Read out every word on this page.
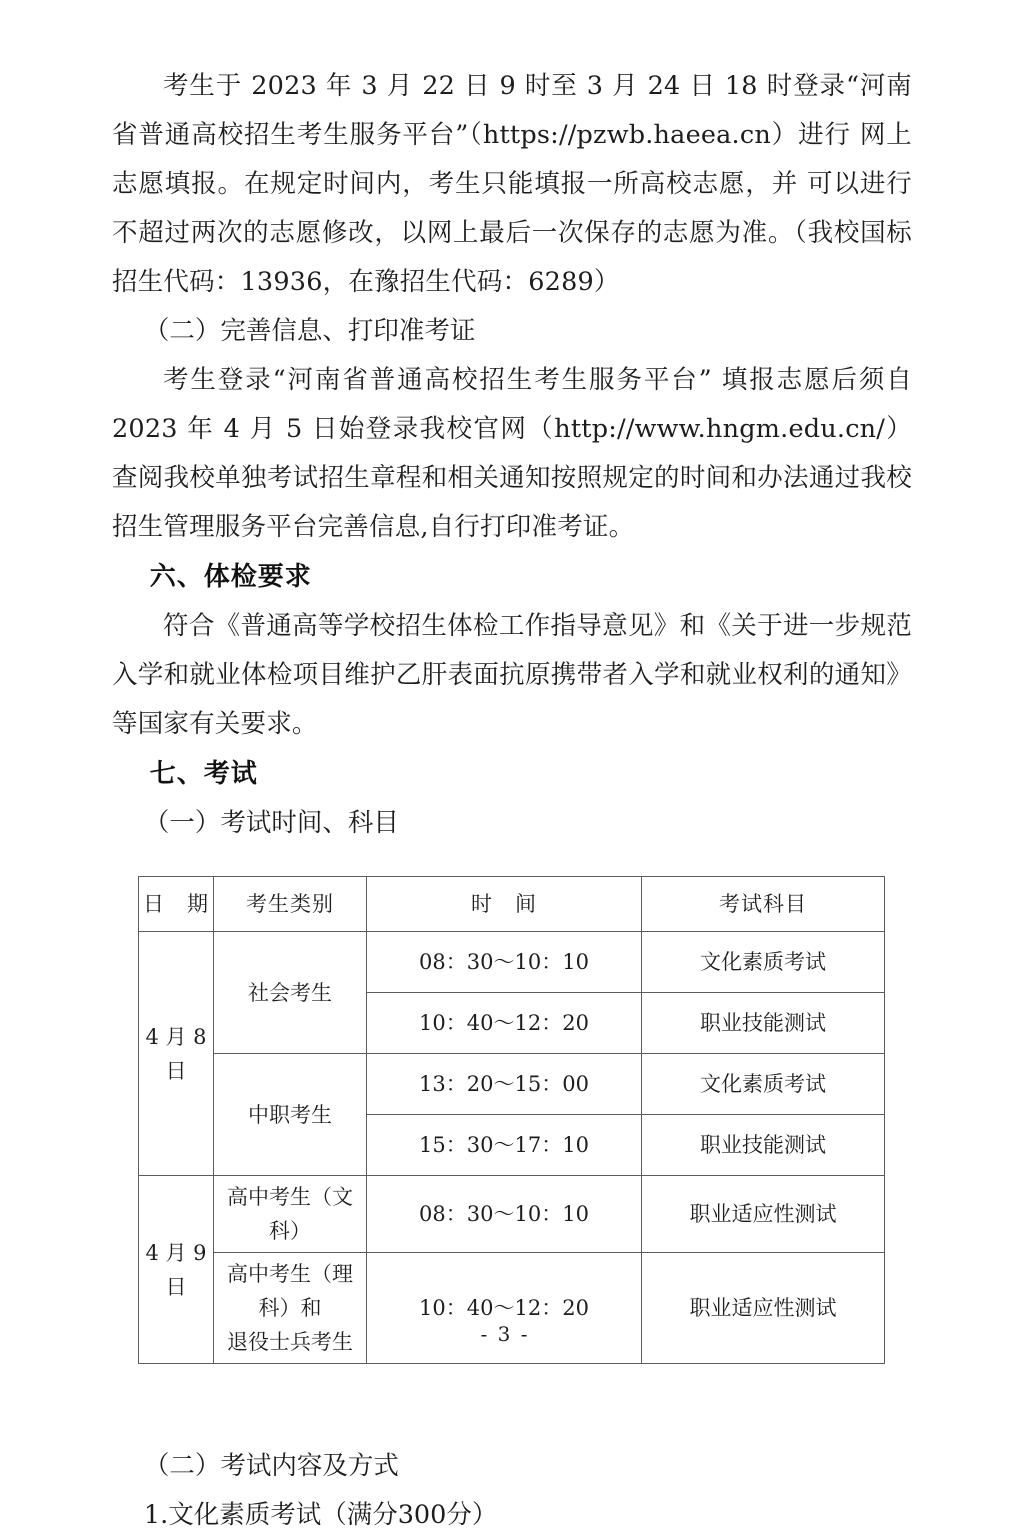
考生于 2023 年 3 月 22 日 9 时至 3 月 24 日 18 时登录“河南省普通高校招生考生服务平台”（https://pzwb.haeea.cn）进行 网上志愿填报。在规定时间内，考生只能填报一所高校志愿，并 可以进行不超过两次的志愿修改，以网上最后一次保存的志愿为准。（我校国标招生代码：13936，在豫招生代码：6289）

（二）完善信息、打印准考证

考生登录“河南省普通高校招生考生服务平台” 填报志愿后须自 2023 年 4 月 5 日始登录我校官网（http://www.hngm.edu.cn/）查阅我校单独考试招生章程和相关通知按照规定的时间和办法通过我校招生管理服务平台完善信息,自行打印准考证。

六、体检要求

符合《普通高等学校招生体检工作指导意见》和《关于进一步规范入学和就业体检项目维护乙肝表面抗原携带者入学和就业权利的通知》等国家有关要求。

七、考试
（一）考试时间、科目
日　期	考生类别	时　间	考试科目
4 月 8 日	社会考生	08：30～10：10	文化素质考试
		10：40～12：20	职业技能测试
	中职考生	13：20～15：00	文化素质考试
		15：30～17：10	职业技能测试
4 月 9 日	高中考生（文科）	08：30～10：10	职业适应性测试
	高中考生（理科）和
退役士兵考生	10：40～12：20	职业适应性测试
（二）考试内容及方式
1.文化素质考试（满分300分）
- 3 -
